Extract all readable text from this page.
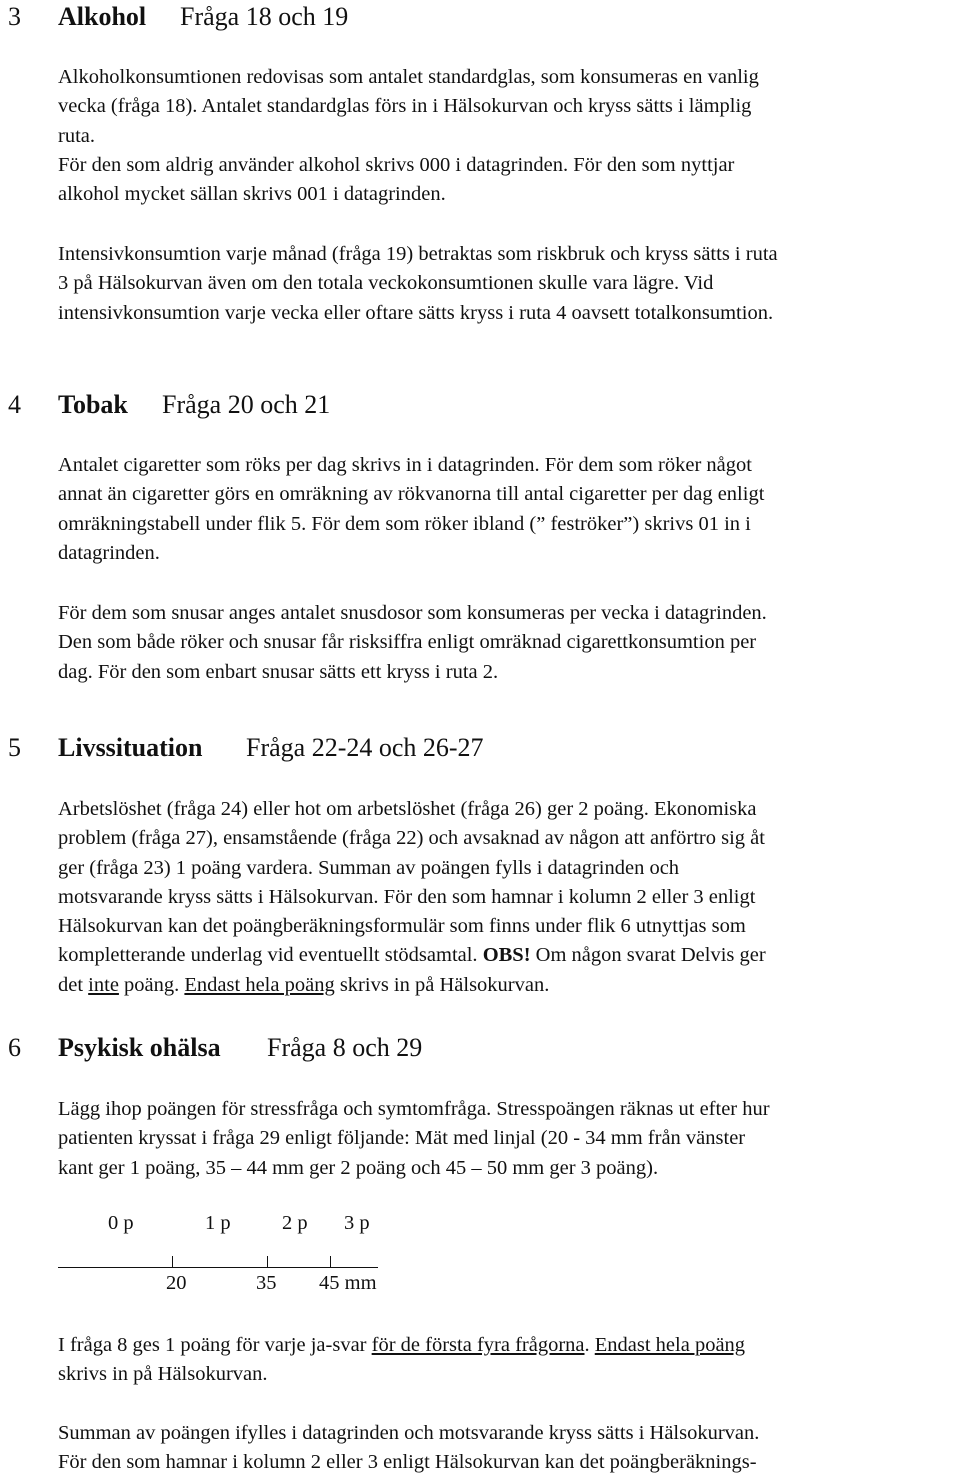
3 Alkohol Fråga 18 och 19

Alkoholkonsumtionen redovisas som antalet standardglas, som konsumeras en vanlig
vecka (fråga 18). Antalet standardglas förs in i Hälsokurvan och kryss sätts i lämplig
ruta.
För den som aldrig använder alkohol skrivs 000 i datagrinden. För den som nyttjar
alkohol mycket sällan skrivs 001 i datagrinden.

Intensivkonsumtion varje månad (fråga 19) betraktas som riskbruk och kryss sätts i ruta
3 på Hälsokurvan även om den totala veckokonsumtionen skulle vara lägre. Vid
intensivkonsumtion varje vecka eller oftare sätts kryss i ruta 4 oavsett totalkonsumtion.

4 Tobak Fråga 20 och 21

Antalet cigaretter som röks per dag skrivs in i datagrinden. För dem som röker något
annat än cigaretter görs en omräkning av rökvanorna till antal cigaretter per dag enligt
omräkningstabell under flik 5. För dem som röker ibland (” feströker”) skrivs 01 in i
datagrinden.

För dem som snusar anges antalet snusdosor som konsumeras per vecka i datagrinden.
Den som både röker och snusar får risksiffra enligt omräknad cigarettkonsumtion per
dag. För den som enbart snusar sätts ett kryss i ruta 2.

5 Livssituation Fråga 22-24 och 26-27

Arbetslöshet (fråga 24) eller hot om arbetslöshet (fråga 26) ger 2 poäng. Ekonomiska
problem (fråga 27), ensamstående (fråga 22) och avsaknad av någon att anförtro sig åt
ger (fråga 23) 1 poäng vardera. Summan av poängen fylls i datagrinden och
motsvarande kryss sätts i Hälsokurvan. För den som hamnar i kolumn 2 eller 3 enligt
Hälsokurvan kan det poängberäkningsformulär som finns under flik 6 utnyttjas som
kompletterande underlag vid eventuellt stödsamtal. OBS! Om någon svarat Delvis ger
det inte poäng. Endast hela poäng skrivs in på Hälsokurvan.

6 Psykisk ohälsa Fråga 8 och 29

Lägg ihop poängen för stressfråga och symtomfråga. Stresspoängen räknas ut efter hur
patienten kryssat i fråga 29 enligt följande: Mät med linjal (20 - 34 mm från vänster
kant ger 1 poäng, 35 – 44 mm ger 2 poäng och 45 – 50 mm ger 3 poäng).

0 p	1 p	2 p 3 p
20	35 45 mm

I fråga 8 ges 1 poäng för varje ja-svar för de första fyra frågorna. Endast hela poäng
skrivs in på Hälsokurvan.

Summan av poängen ifylles i datagrinden och motsvarande kryss sätts i Hälsokurvan.
För den som hamnar i kolumn 2 eller 3 enligt Hälsokurvan kan det poängberäknings-
